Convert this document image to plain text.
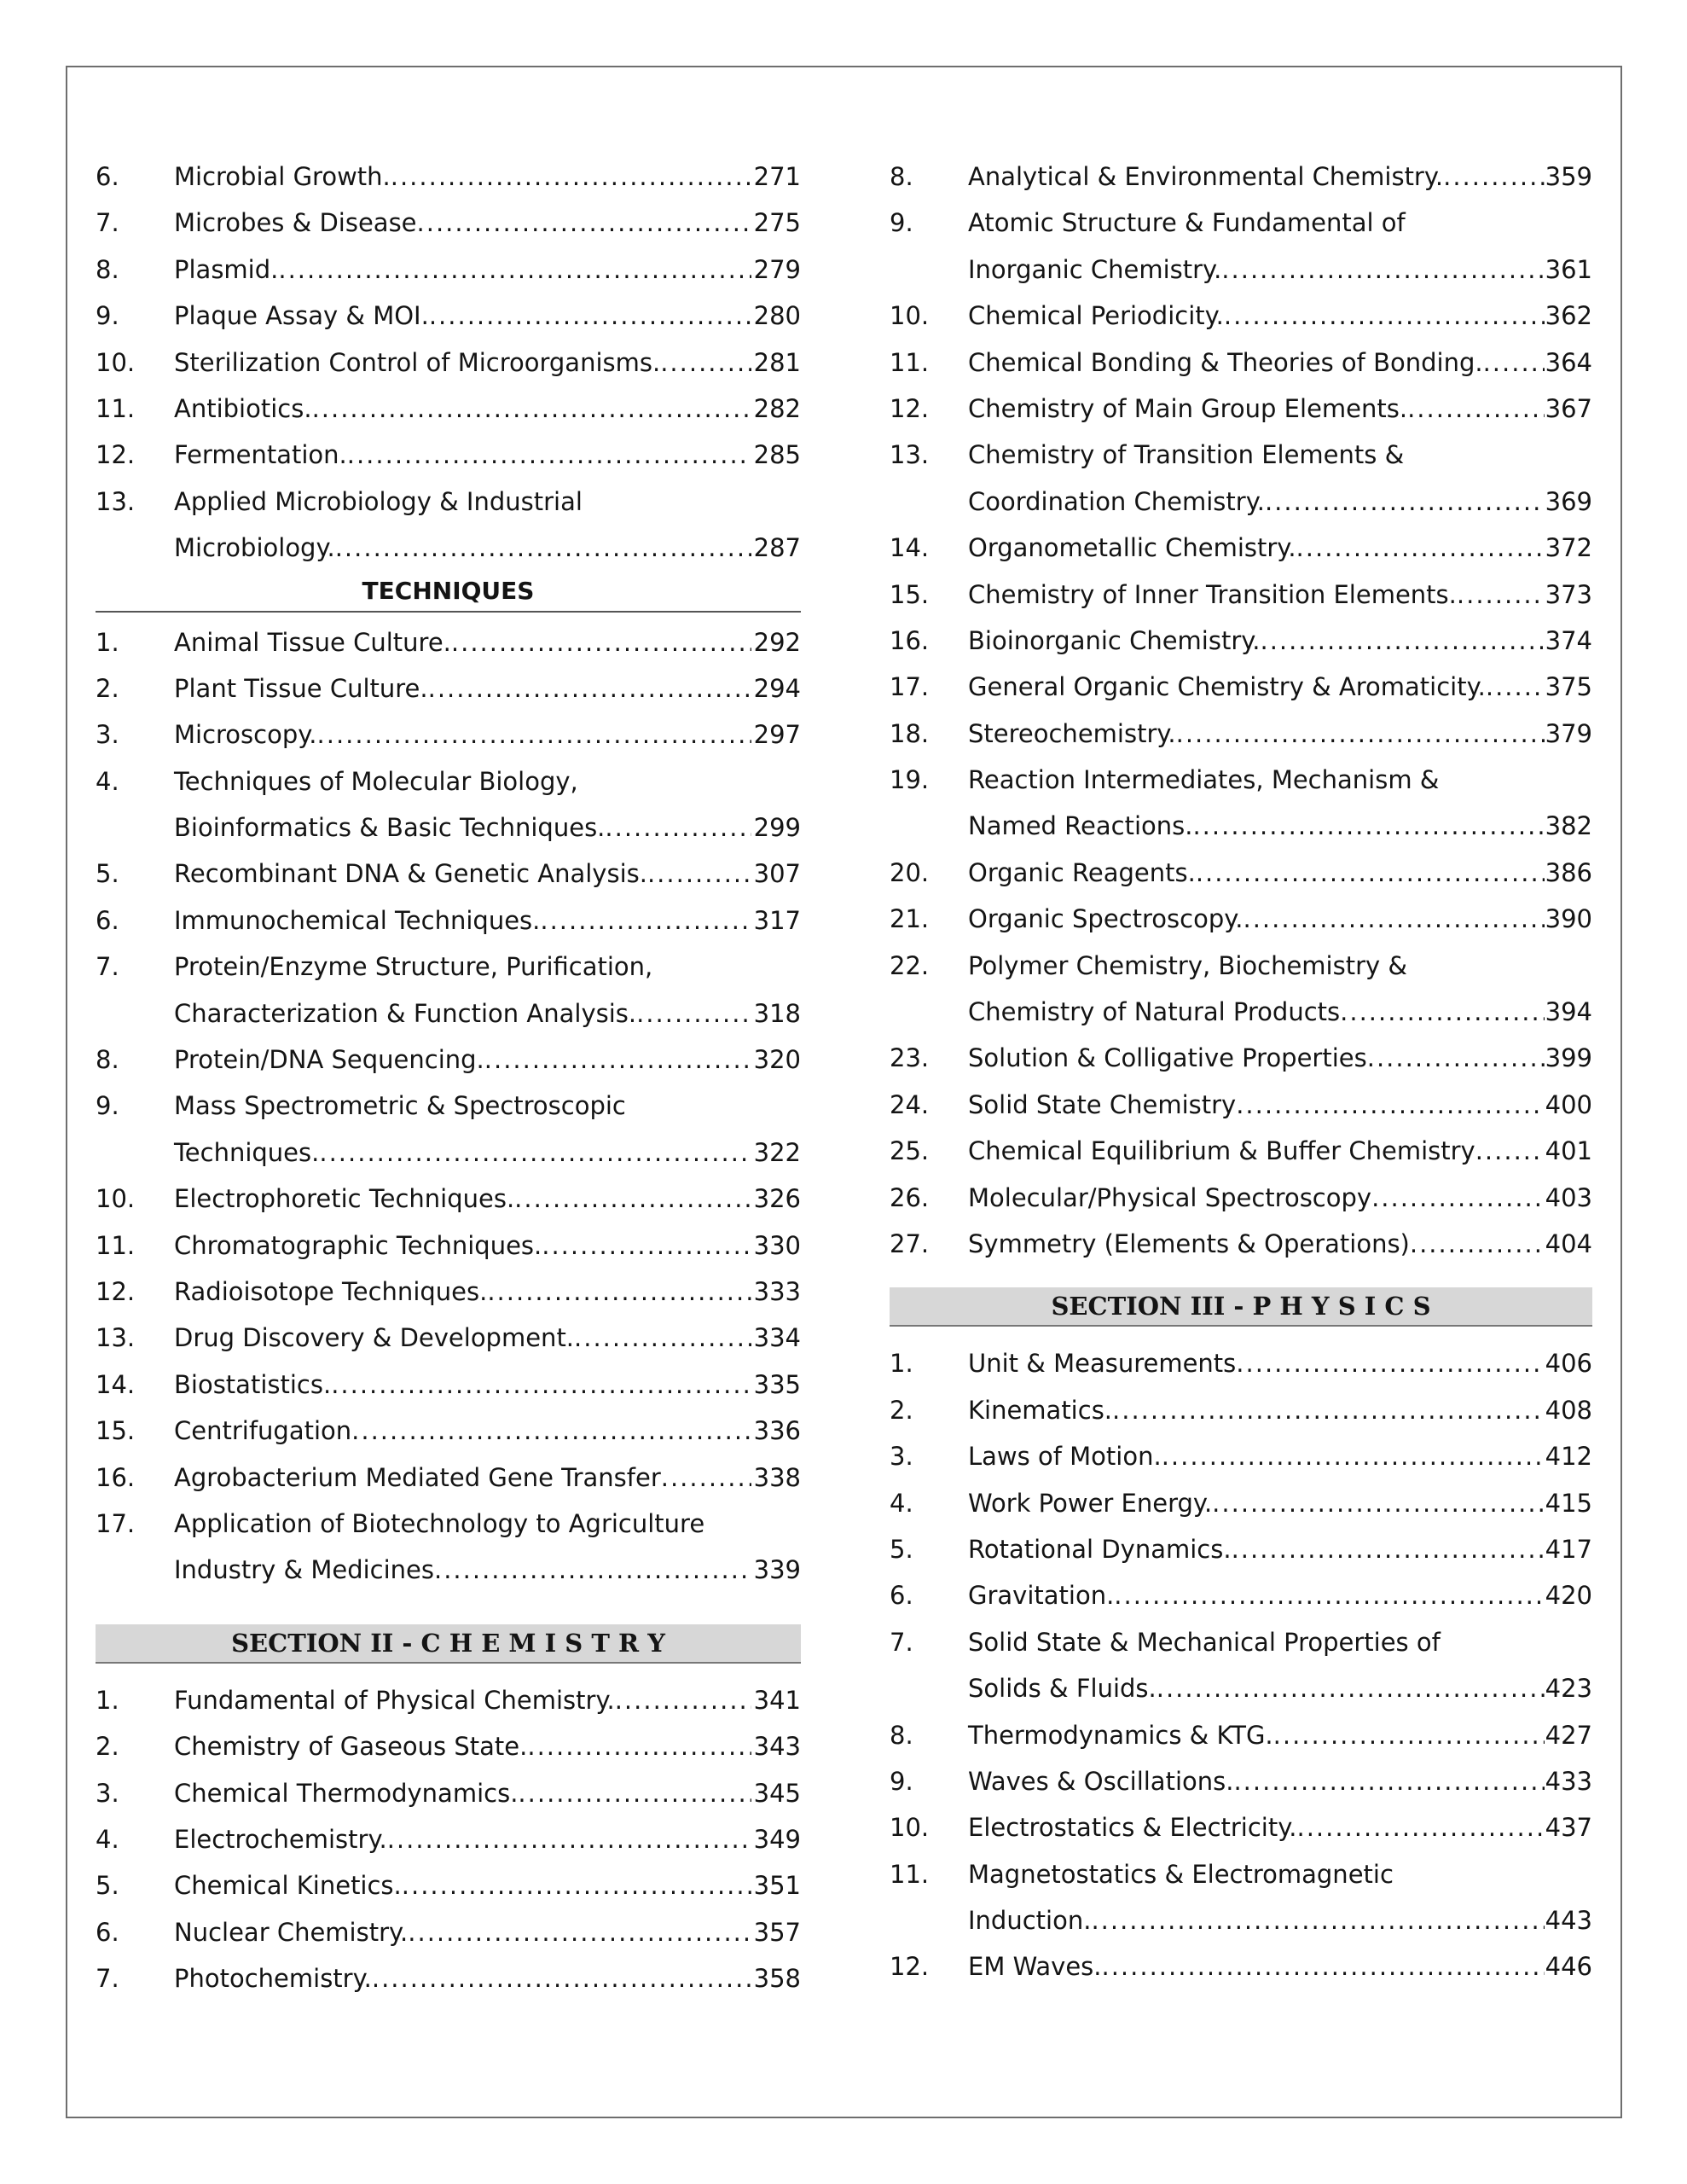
6.	Microbial Growth. .....	271
7.	Microbes & Disease .....	275
8.	Plasmid. .....	279
9.	Plaque Assay & MOI. .....	280
10.	Sterilization Control of Microorganisms. .....	281
11.	Antibiotics. .....	282
12.	Fermentation. .....	285
13.	Applied Microbiology & Industrial
Microbiology. .....	287
TECHNIQUES
1.	Animal Tissue Culture. .....	292
2.	Plant Tissue Culture. .....	294
3.	Microscopy. .....	297
4.	Techniques of Molecular Biology,
Bioinformatics & Basic Techniques. .....	299
5.	Recombinant DNA & Genetic Analysis. .....	307
6.	Immunochemical Techniques. .....	317
7.	Protein/Enzyme Structure, Purification,
Characterization & Function Analysis. .....	318
8.	Protein/DNA Sequencing. .....	320
9.	Mass Spectrometric & Spectroscopic
Techniques. .....	322
10.	Electrophoretic Techniques. .....	326
11.	Chromatographic Techniques. .....	330
12.	Radioisotope Techniques. .....	333
13.	Drug Discovery & Development. .....	334
14.	Biostatistics. .....	335
15.	Centrifugation .....	336
16.	Agrobacterium Mediated Gene Transfer .....	338
17.	Application of Biotechnology to Agriculture
Industry & Medicines .....	339
SECTION II - C H E M I S T R Y
1.	Fundamental of Physical Chemistry. .....	341
2.	Chemistry of Gaseous State. .....	343
3.	Chemical Thermodynamics. .....	345
4.	Electrochemistry. .....	349
5.	Chemical Kinetics. .....	351
6.	Nuclear Chemistry. .....	357
7.	Photochemistry. .....	358
8.	Analytical & Environmental Chemistry. .....	359
9.	Atomic Structure & Fundamental of
Inorganic Chemistry. .....	361
10.	Chemical Periodicity. .....	362
11.	Chemical Bonding & Theories of Bonding. .....	364
12.	Chemistry of Main Group Elements. .....	367
13.	Chemistry of Transition Elements &
Coordination Chemistry. .....	369
14.	Organometallic Chemistry. .....	372
15.	Chemistry of Inner Transition Elements. .....	373
16.	Bioinorganic Chemistry. .....	374
17.	General Organic Chemistry & Aromaticity. ..... 375
18.	Stereochemistry. .....	379
19.	Reaction Intermediates, Mechanism &
Named Reactions. .....	382
20.	Organic Reagents. .....	386
21.	Organic Spectroscopy. .....	390
22.	Polymer Chemistry, Biochemistry &
Chemistry of Natural Products .....	394
23.	Solution & Colligative Properties .....	399
24.	Solid State Chemistry .....	400
25.	Chemical Equilibrium & Buffer Chemistry .....	401
26.	Molecular/Physical Spectroscopy .....	403
27.	Symmetry (Elements & Operations) .....	404
SECTION III - P H Y S I C S
1.	Unit & Measurements .....	406
2.	Kinematics. .....	408
3.	Laws of Motion. .....	412
4.	Work Power Energy. .....	415
5.	Rotational Dynamics. .....	417
6.	Gravitation. .....	420
7.	Solid State & Mechanical Properties of
Solids & Fluids. .....	423
8.	Thermodynamics & KTG. .....	427
9.	Waves & Oscillations. .....	433
10.	Electrostatics & Electricity. .....	437
11.	Magnetostatics & Electromagnetic
Induction. .....	443
12.	EM Waves. .....	446
